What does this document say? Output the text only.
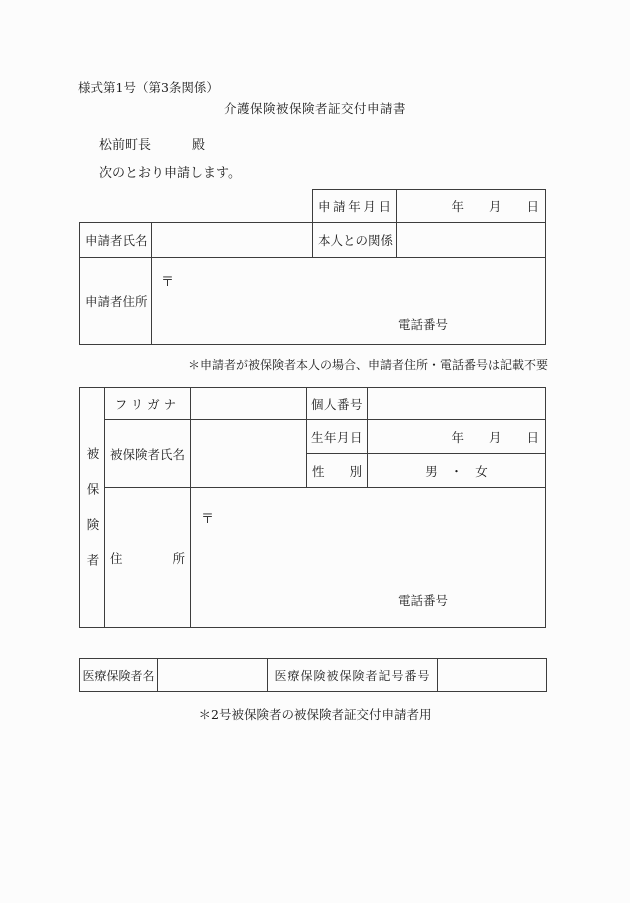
様式第1号（第3条関係）
介護保険被保険者証交付申請書
松前町長	殿
次のとおり申請します。
		申請年月日	年　　月　　日
申請者氏名		本人との関係	
申請者住所	〒
電話番号		
＊申請者が被保険者本人の場合、申請者住所・電話番号は記載不要
被保険者	フリガナ		個人番号	
	被保険者氏名		生年月日	年　　月　　日
			性別	男　・　女
	住所	〒
電話番号		
医療保険者名		医療保険被保険者記号番号	
＊2号被保険者の被保険者証交付申請者用
